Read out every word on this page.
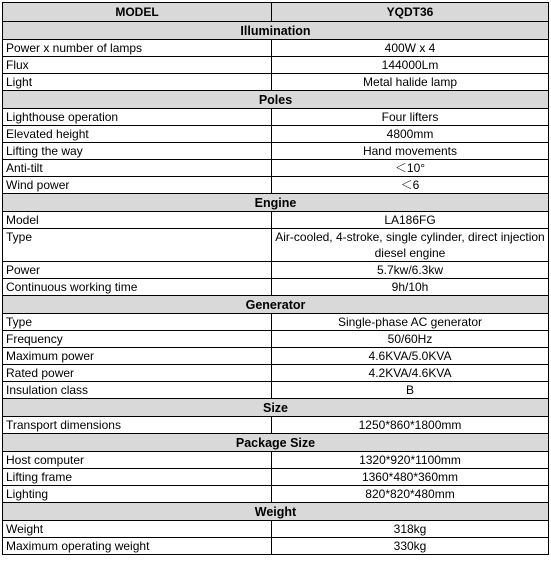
MODEL	YQDT36
Illumination	
Power x number of lamps	400W x 4
Flux	144000Lm
Light	Metal halide lamp
Poles	
Lighthouse operation	Four lifters
Elevated height	4800mm
Lifting the way	Hand movements
Anti-tilt	＜10°
Wind power	＜6
Engine	
Model	LA186FG
Type	Air-cooled, 4-stroke, single cylinder, direct injection diesel engine
Power	5.7kw/6.3kw
Continuous working time	9h/10h
Generator	
Type	Single-phase AC generator
Frequency	50/60Hz
Maximum power	4.6KVA/5.0KVA
Rated power	4.2KVA/4.6KVA
Insulation class	B
Size	
Transport dimensions	1250*860*1800mm
Package Size	
Host computer	1320*920*1100mm
Lifting frame	1360*480*360mm
Lighting	820*820*480mm
Weight	
Weight	318kg
Maximum operating weight	330kg
